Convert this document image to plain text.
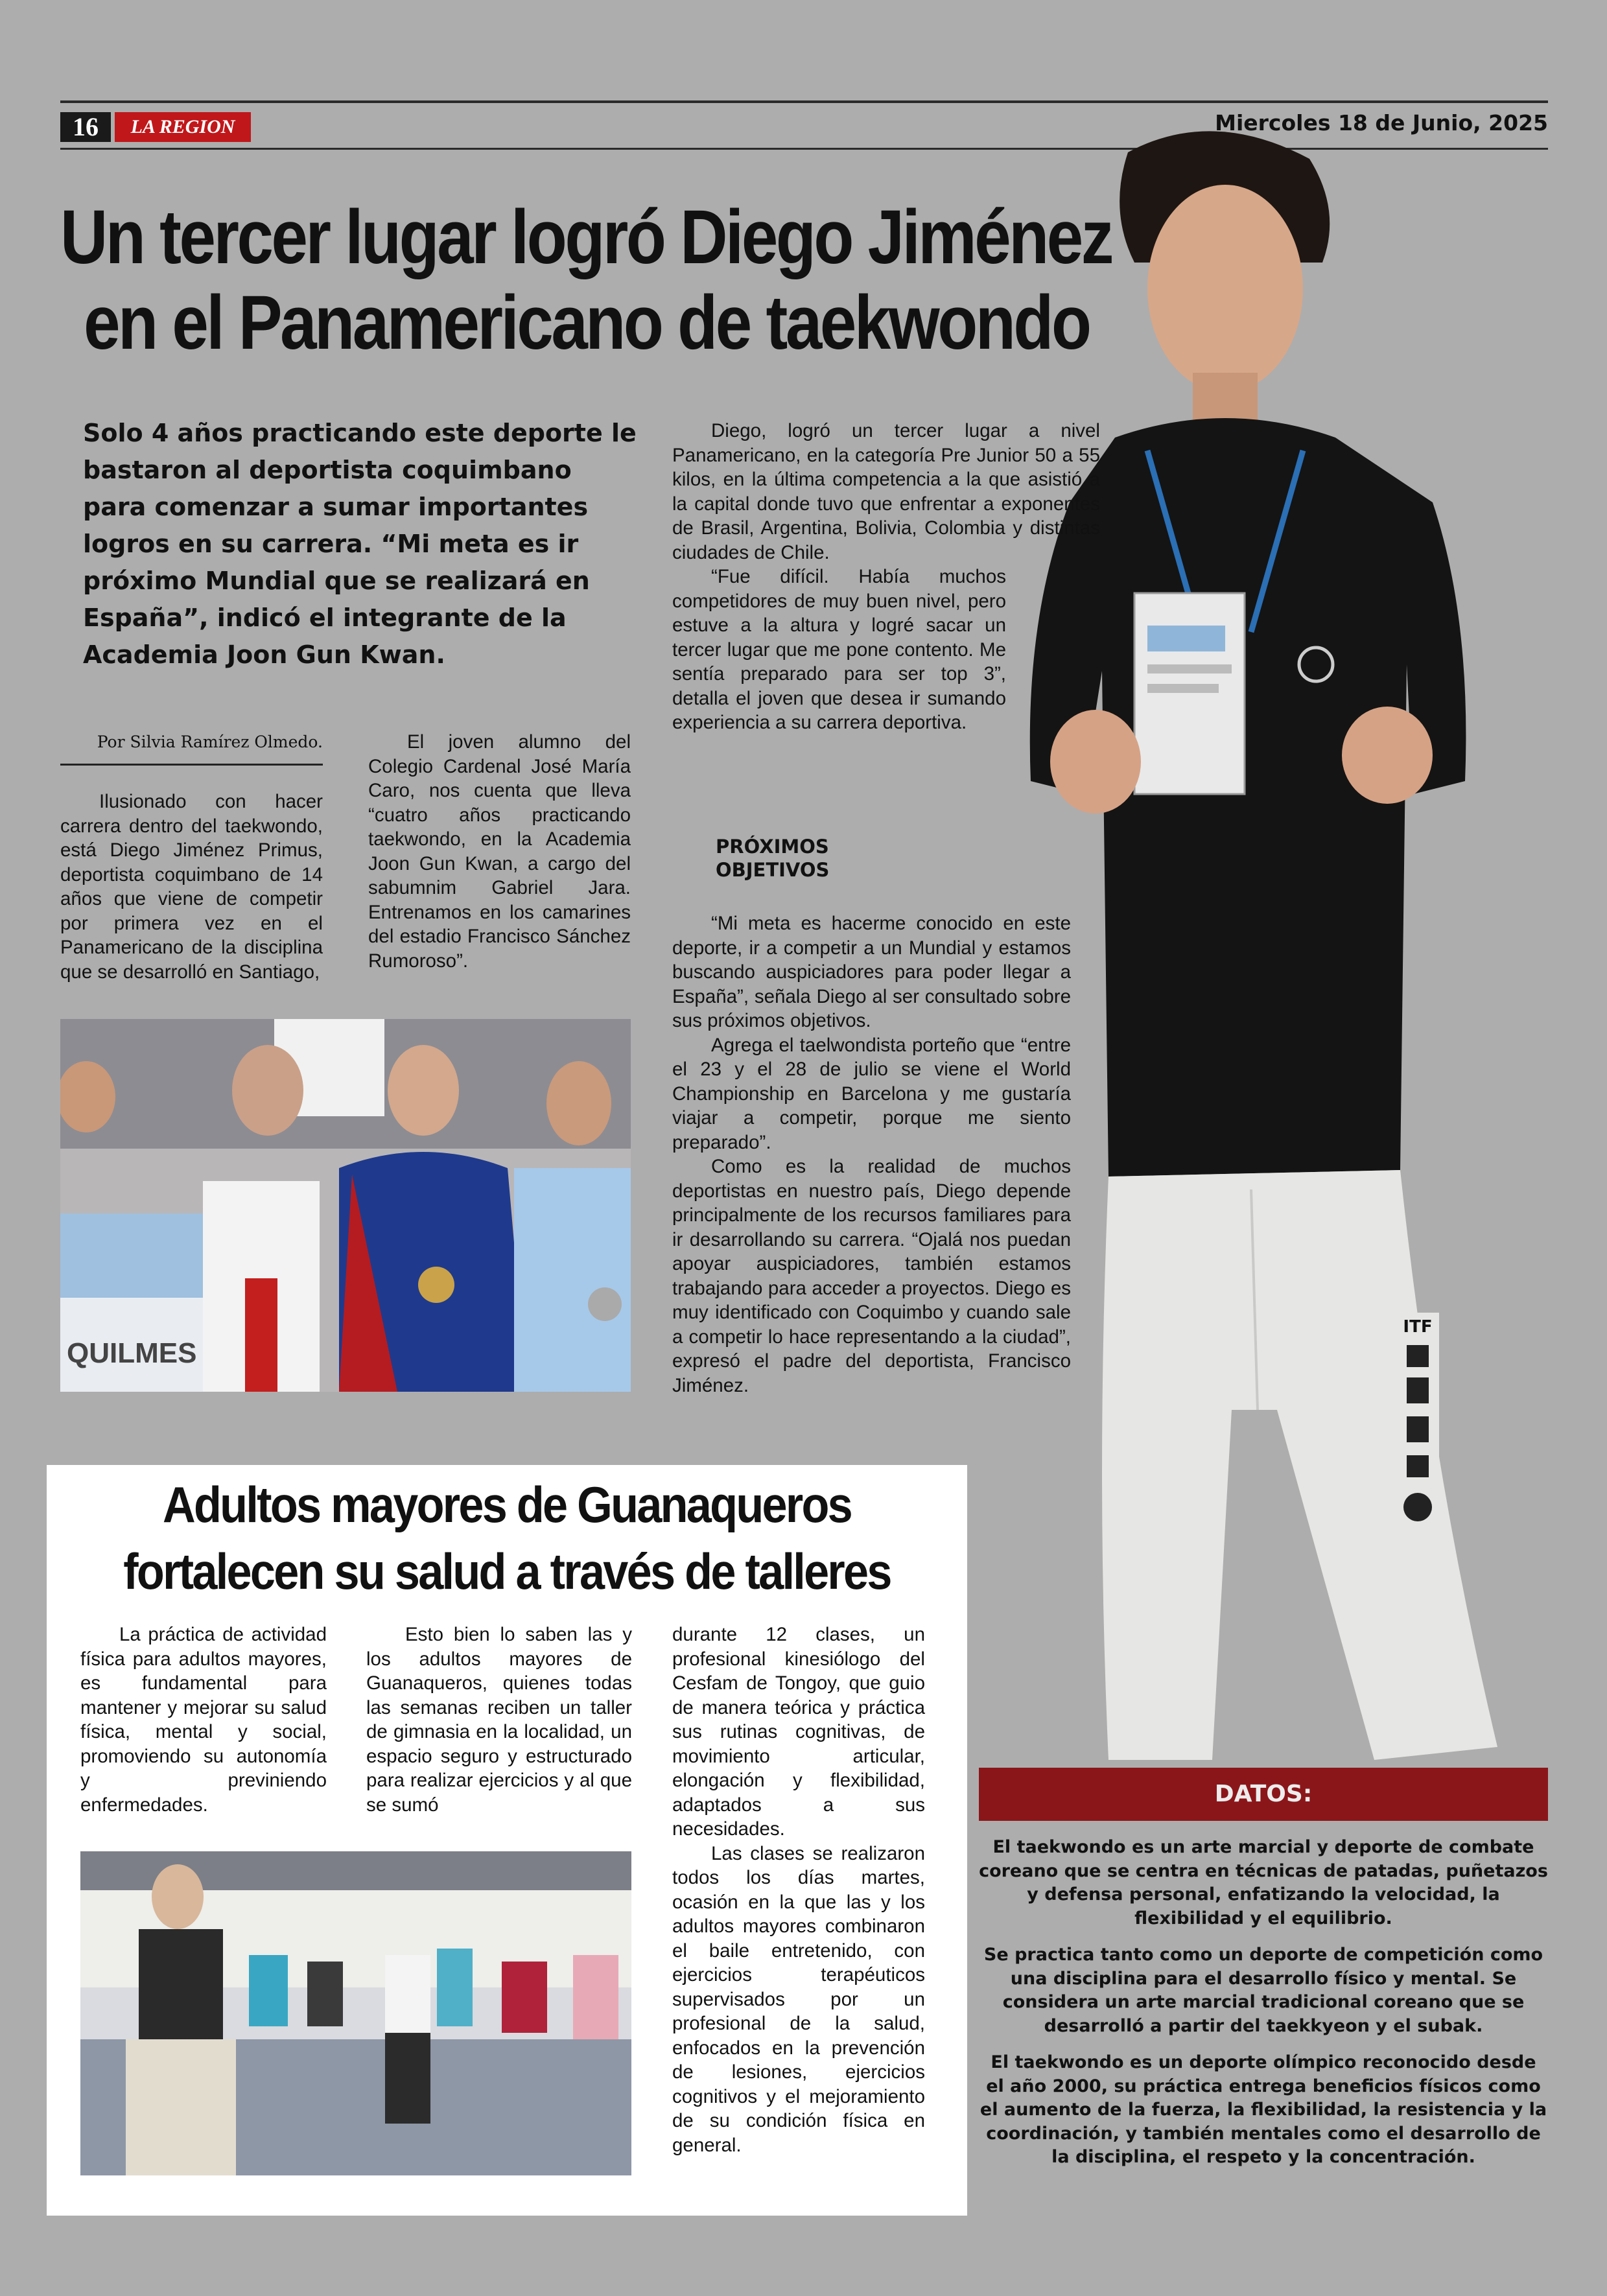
16	LA REGION	Miercoles 18 de Junio, 2025
ITF
Un tercer lugar logró Diego Jiménez
en el Panamericano de taekwondo
Solo 4 años practicando este deporte le bastaron al deportista coquimbano para comenzar a sumar importantes logros en su carrera. “Mi meta es ir próximo Mundial que se realizará en España”, indicó el integrante de la Academia Joon Gun Kwan.
Por Silvia Ramírez Olmedo.

Ilusionado con hacer carrera dentro del taekwondo, está Diego Jiménez Primus, deportista coquimbano de 14 años que viene de competir por primera vez en el Panamericano de la disciplina que se desarrolló en Santiago,

El joven alumno del Colegio Cardenal José María Caro, nos cuenta que lleva “cuatro años practicando taekwondo, en la Academia Joon Gun Kwan, a cargo del sabumnim Gabriel Jara. Entrenamos en los camarines del estadio Francisco Sánchez Rumoroso”.

Diego, logró un tercer lugar a nivel Panamericano, en la categoría Pre Junior 50 a 55 kilos, en la última competencia a la que asistió a la capital donde tuvo que enfrentar a exponentes de Brasil, Argentina, Bolivia, Colombia y distintas ciudades de Chile.

“Fue difícil. Había muchos competidores de muy buen nivel, pero estuve a la altura y logré sacar un tercer lugar que me pone contento. Me sentía preparado para ser top 3”, detalla el joven que desea ir sumando experiencia a su carrera deportiva.

PRÓXIMOS
OBJETIVOS

“Mi meta es hacerme conocido en este deporte, ir a competir a un Mundial y estamos buscando auspiciadores para poder llegar a España”, señala Diego al ser consultado sobre sus próximos objetivos.

Agrega el taelwondista porteño que “entre el 23 y el 28 de julio se viene el World Championship en Barcelona y me gustaría viajar a competir, porque me siento preparado”.

Como es la realidad de muchos deportistas en nuestro país, Diego depende principalmente de los recursos familiares para ir desarrollando su carrera. “Ojalá nos puedan apoyar auspiciadores, también estamos trabajando para acceder a proyectos. Diego es muy identificado con Coquimbo y cuando sale a competir lo hace representando a la ciudad”, expresó el padre del deportista, Francisco Jiménez.

QUILMES
Adultos mayores de Guanaqueros
fortalecen su salud a través de talleres

La práctica de actividad física para adultos mayores, es fundamental para mantener y mejorar su salud física, mental y social, promoviendo su autonomía y previniendo enfermedades.

Esto bien lo saben las y los adultos mayores de Guanaqueros, quienes todas las semanas reciben un taller de gimnasia en la localidad, un espacio seguro y estructurado para realizar ejercicios y al que se sumó

durante 12 clases, un profesional kinesiólogo del Cesfam de Tongoy, que guio de manera teórica y práctica sus rutinas cognitivas, de movimiento articular, elongación y flexibilidad, adaptados a sus necesidades.

Las clases se realizaron todos los días martes, ocasión en la que las y los adultos mayores combinaron el baile entretenido, con ejercicios terapéuticos supervisados por un profesional de la salud, enfocados en la prevención de lesiones, ejercicios cognitivos y el mejoramiento de su condición física en general.

DATOS:

El taekwondo es un arte marcial y deporte de combate coreano que se centra en técnicas de patadas, puñetazos y defensa personal, enfatizando la velocidad, la flexibilidad y el equilibrio.

Se practica tanto como un deporte de competición como una disciplina para el desarrollo físico y mental. Se considera un arte marcial tradicional coreano que se desarrolló a partir del taekkyeon y el subak.

El taekwondo es un deporte olímpico reconocido desde el año 2000, su práctica entrega beneficios físicos como el aumento de la fuerza, la flexibilidad, la resistencia y la coordinación, y también mentales como el desarrollo de la disciplina, el respeto y la concentración.
